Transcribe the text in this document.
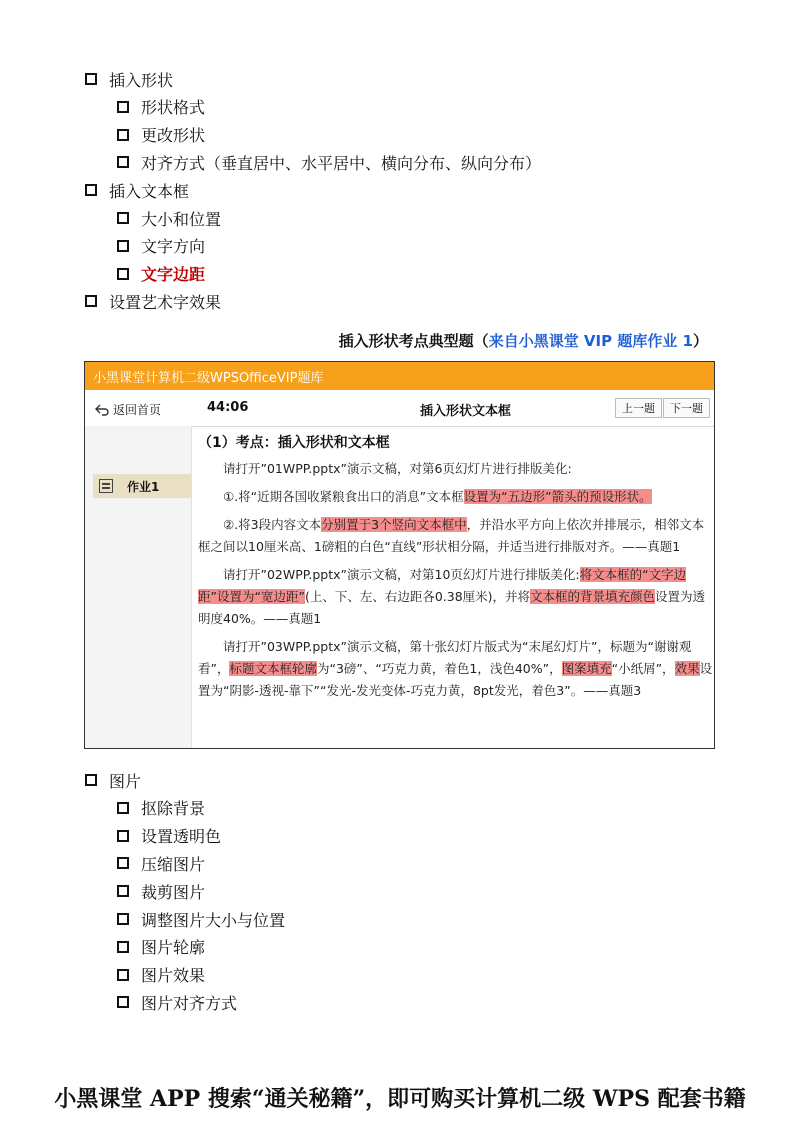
插入形状
形状格式
更改形状
对齐方式（垂直居中、水平居中、横向分布、纵向分布）
插入文本框
大小和位置
文字方向
文字边距
设置艺术字效果
插入形状考点典型题（来自小黑课堂 VIP 题库作业 1）
小黑课堂计算机二级WPSOfficeVIP题库
返回首页	44:06	插入形状文本框	上一题	下一题
作业1
（1）考点：插入形状和文本框

请打开”01WPP.pptx”演示文稿，对第6页幻灯片进行排版美化:

①.将“近期各国收紧粮食出口的消息”文本框设置为“五边形”箭头的预设形状。

②.将3段内容文本分别置于3个竖向文本框中，并沿水平方向上依次并排展示，相邻文本框之间以10厘米高、1磅粗的白色“直线”形状相分隔，并适当进行排版对齐。——真题1

请打开”02WPP.pptx”演示文稿，对第10页幻灯片进行排版美化:将文本框的“文字边距”设置为“宽边距”(上、下、左、右边距各0.38厘米)，并将文本框的背景填充颜色设置为透明度40%。——真题1

请打开”03WPP.pptx”演示文稿，第十张幻灯片版式为“末尾幻灯片”，标题为“谢谢观看”，标题文本框轮廓为“3磅”、“巧克力黄，着色1，浅色40%”，图案填充“小纸屑”，效果设置为“阴影-透视-靠下”“发光-发光变体-巧克力黄，8pt发光，着色3”。——真题3

图片
抠除背景
设置透明色
压缩图片
裁剪图片
调整图片大小与位置
图片轮廓
图片效果
图片对齐方式
小黑课堂 APP 搜索“通关秘籍”，即可购买计算机二级 WPS 配套书籍
